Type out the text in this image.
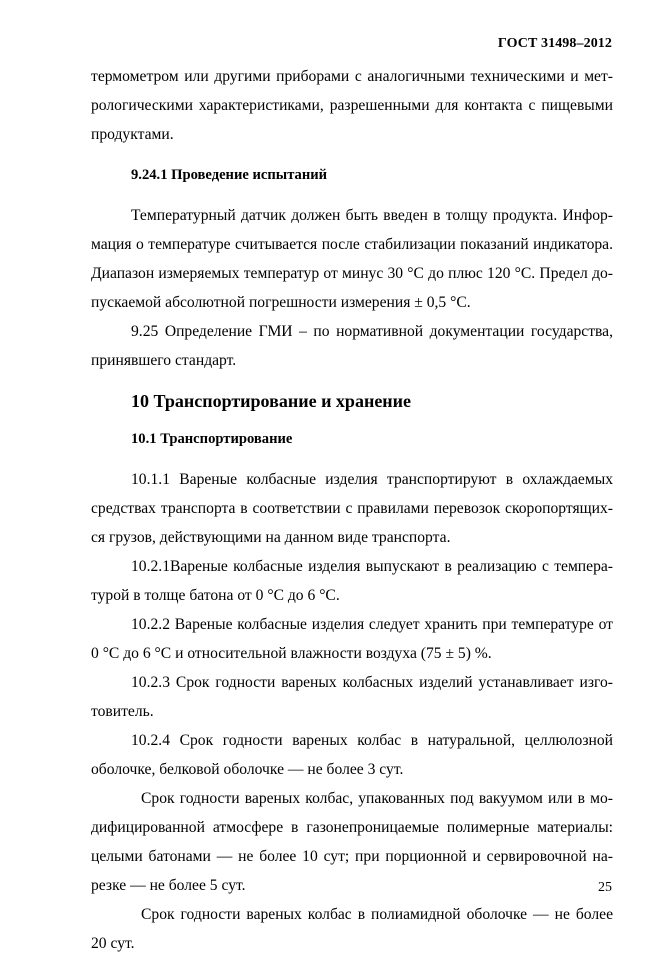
ГОСТ 31498–2012

термометром или другими приборами с аналогичными техническими и мет-рологическими характеристиками, разрешенными для контакта с пищевыми продуктами.

9.24.1 Проведение испытаний

Температурный датчик должен быть введен в толщу продукта. Инфор-мация о температуре считывается после стабилизации показаний индикатора. Диапазон измеряемых температур от минус 30 °С до плюс 120 °С. Предел до-пускаемой абсолютной погрешности измерения ± 0,5 °С.

9.25 Определение ГМИ – по нормативной документации государства, принявшего стандарт.

10 Транспортирование и хранение

10.1 Транспортирование

10.1.1 Вареные колбасные изделия транспортируют в охлаждаемых средствах транспорта в соответствии с правилами перевозок скоропортящих-ся грузов, действующими на данном виде транспорта.

10.2.1Вареные колбасные изделия выпускают в реализацию с темпера-турой в толще батона от 0 °С до 6 °С.

10.2.2 Вареные колбасные изделия следует хранить при температуре от 0 °С до 6 °С и относительной влажности воздуха (75 ± 5) %.

10.2.3 Срок годности вареных колбасных изделий устанавливает изго-товитель.

10.2.4 Срок годности вареных колбас в натуральной, целлюлозной оболочке, белковой оболочке — не более 3 сут.

Срок годности вареных колбас, упакованных под вакуумом или в мо-дифицированной атмосфере в газонепроницаемые полимерные материалы: целыми батонами — не более 10 сут; при порционной и сервировочной на-резке — не более 5 сут.

Срок годности вареных колбас в полиамидной оболочке — не более 20 сут.

25
